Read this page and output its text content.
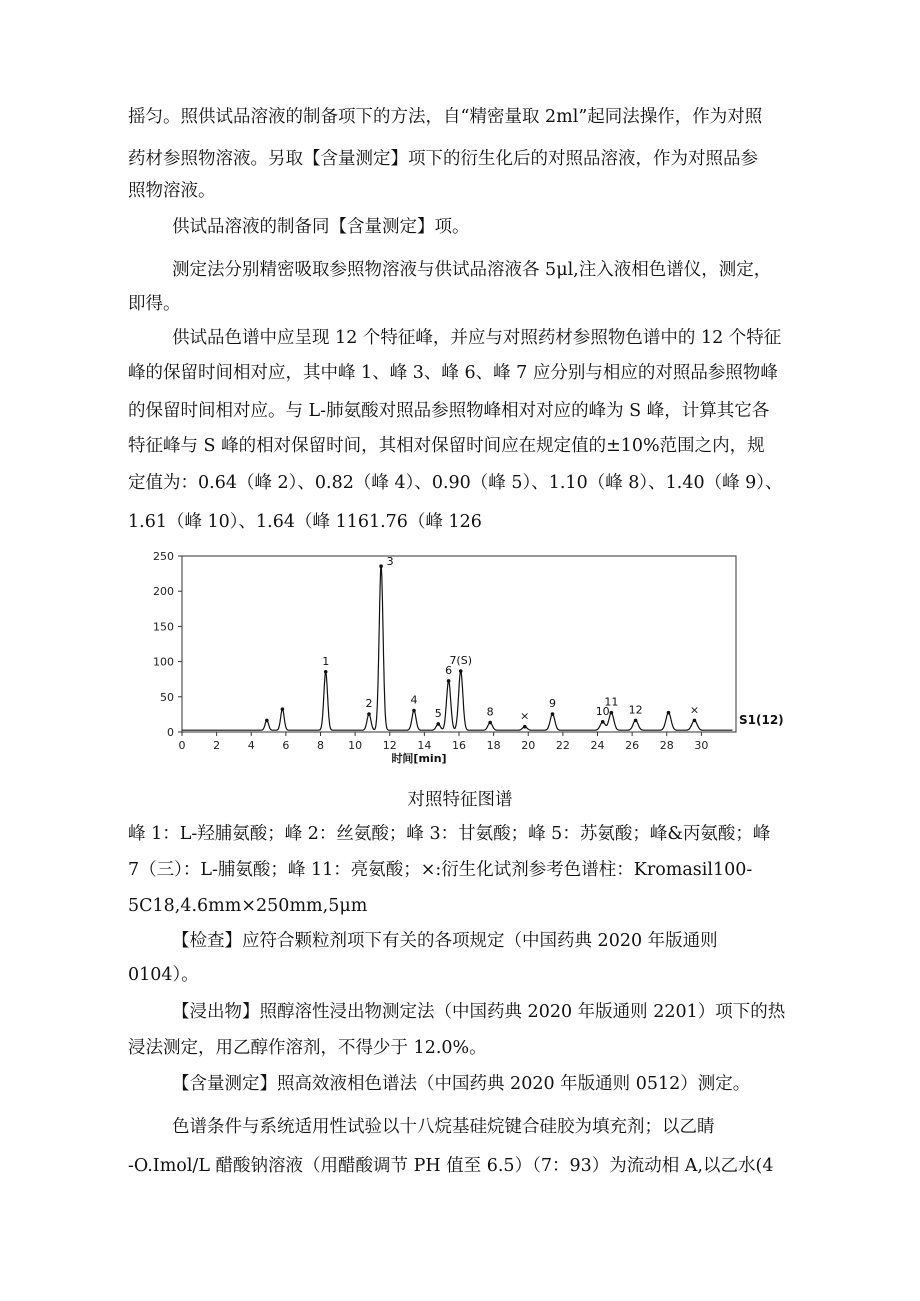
摇匀。照供试品溶液的制备项下的方法，自“精密量取 2ml”起同法操作，作为对照
药材参照物溶液。另取【含量测定】项下的衍生化后的对照品溶液，作为对照品参
照物溶液。
供试品溶液的制备同【含量测定】项。
测定法分别精密吸取参照物溶液与供试品溶液各 5μl,注入液相色谱仪，测定，
即得。
供试品色谱中应呈现 12 个特征峰，并应与对照药材参照物色谱中的 12 个特征
峰的保留时间相对应，其中峰 1、峰 3、峰 6、峰 7 应分别与相应的对照品参照物峰
的保留时间相对应。与 L-肺氨酸对照品参照物峰相对对应的峰为 S 峰，计算其它各
特征峰与 S 峰的相对保留时间，其相对保留时间应在规定值的±10%范围之内，规
定值为：0.64（峰 2）、0.82（峰 4）、0.90（峰 5）、1.10（峰 8）、1.40（峰 9）、
1.61（峰 10）、1.64（峰 1161.76（峰 126
0
50
100
150
200
250
0	2	4	6	8 10 12 14 16 18 20 22 24 26 28 30
时间[min]
1
2
3
4
5
6
7(S)
8 ×
9
10
11
12	×
S1(12)
对照特征图谱
峰 1：L-羟脯氨酸；峰 2：丝氨酸；峰 3：甘氨酸；峰 5：苏氨酸；峰&丙氨酸；峰
7（三）：L-脯氨酸；峰 11：亮氨酸；×:衍生化试剂参考色谱柱：Kromasil100-
5C18,4.6mm×250mm,5μm
【检查】应符合颗粒剂项下有关的各项规定（中国药典 2020 年版通则
0104）。
【浸出物】照醇溶性浸出物测定法（中国药典 2020 年版通则 2201）项下的热
浸法测定，用乙醇作溶剂，不得少于 12.0%。
【含量测定】照高效液相色谱法（中国药典 2020 年版通则 0512）测定。
色谱条件与系统适用性试验以十八烷基硅烷键合硅胶为填充剂；以乙睛
-O.Imol/L 醋酸钠溶液（用醋酸调节 PH 值至 6.5）（7：93）为流动相 A,以乙水(4
